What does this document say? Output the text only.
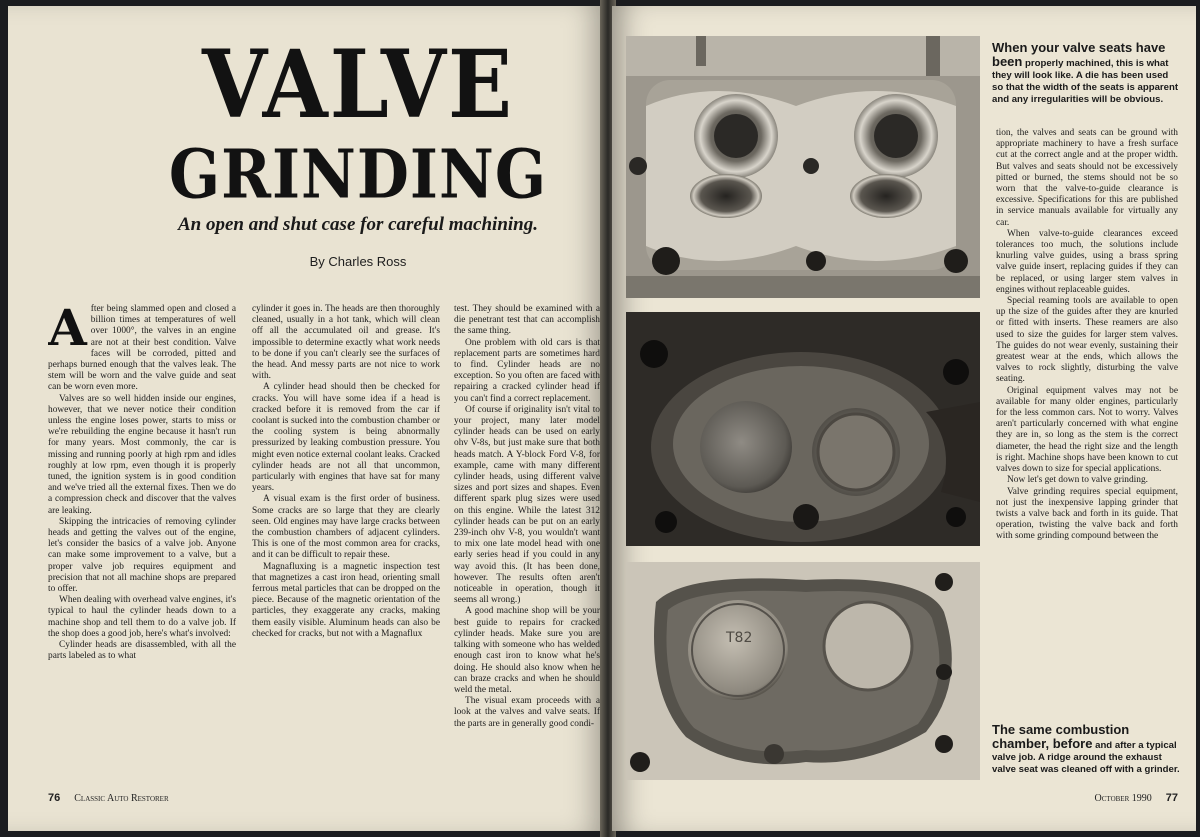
VALVE
GRINDING
An open and shut case for careful machining.
By Charles Ross

After being slammed open and closed a billion times at temperatures of well over 1000°, the valves in an engine are not at their best condition. Valve faces will be corroded, pitted and perhaps burned enough that the valves leak. The stem will be worn and the valve guide and seat can be worn even more.

Valves are so well hidden inside our engines, however, that we never notice their condition unless the engine loses power, starts to miss or we're rebuilding the engine because it hasn't run for many years. Most commonly, the car is missing and running poorly at high rpm and idles roughly at low rpm, even though it is properly tuned, the ignition system is in good condition and we've tried all the external fixes. Then we do a compression check and discover that the valves are leaking.

Skipping the intricacies of removing cylinder heads and getting the valves out of the engine, let's consider the basics of a valve job. Anyone can make some improvement to a valve, but a proper valve job requires equipment and precision that not all machine shops are prepared to offer.

When dealing with overhead valve engines, it's typical to haul the cylinder heads down to a machine shop and tell them to do a valve job. If the shop does a good job, here's what's involved:

Cylinder heads are disassembled, with all the parts labeled as to what

cylinder it goes in. The heads are then thoroughly cleaned, usually in a hot tank, which will clean off all the accumulated oil and grease. It's impossible to determine exactly what work needs to be done if you can't clearly see the surfaces of the head. And messy parts are not nice to work with.

A cylinder head should then be checked for cracks. You will have some idea if a head is cracked before it is removed from the car if coolant is sucked into the combustion chamber or the cooling system is being abnormally pressurized by leaking combustion pressure. You might even notice external coolant leaks. Cracked cylinder heads are not all that uncommon, particularly with engines that have sat for many years.

A visual exam is the first order of business. Some cracks are so large that they are clearly seen. Old engines may have large cracks between the combustion chambers of adjacent cylinders. This is one of the most common area for cracks, and it can be difficult to repair these.

Magnafluxing is a magnetic inspection test that magnetizes a cast iron head, orienting small ferrous metal particles that can be dropped on the piece. Because of the magnetic orientation of the particles, they exaggerate any cracks, making them easily visible. Aluminum heads can also be checked for cracks, but not with a Magnaflux

test. They should be examined with a die penetrant test that can accomplish the same thing.

One problem with old cars is that replacement parts are sometimes hard to find. Cylinder heads are no exception. So you often are faced with repairing a cracked cylinder head if you can't find a correct replacement.

Of course if originality isn't vital to your project, many later model cylinder heads can be used on early ohv V-8s, but just make sure that both heads match. A Y-block Ford V-8, for example, came with many different cylinder heads, using different valve sizes and port sizes and shapes. Even different spark plug sizes were used on this engine. While the latest 312 cylinder heads can be put on an early 239-inch ohv V-8, you wouldn't want to mix one late model head with one early series head if you could in any way avoid this. (It has been done, however. The results often aren't noticeable in operation, though it seems all wrong.)

A good machine shop will be your best guide to repairs for cracked cylinder heads. Make sure you are talking with someone who has welded enough cast iron to know what he's doing. He should also know when he can braze cracks and when he should weld the metal.

The visual exam proceeds with a look at the valves and valve seats. If the parts are in generally good condi-

76 Classic Auto Restorer
T82
When your valve seats have been properly machined, this is what they will look like. A die has been used so that the width of the seats is apparent and any irregularities will be obvious.

tion, the valves and seats can be ground with appropriate machinery to have a fresh surface cut at the correct angle and at the proper width. But valves and seats should not be excessively pitted or burned, the stems should not be so worn that the valve-to-guide clearance is excessive. Specifications for this are published in service manuals available for virtually any car.

When valve-to-guide clearances exceed tolerances too much, the solutions include knurling valve guides, using a brass spring valve guide insert, replacing guides if they can be replaced, or using larger stem valves in engines without replaceable guides.

Special reaming tools are available to open up the size of the guides after they are knurled or fitted with inserts. These reamers are also used to size the guides for larger stem valves. The guides do not wear evenly, sustaining their greatest wear at the ends, which allows the valves to rock slightly, disturbing the valve seating.

Original equipment valves may not be available for many older engines, particularly for the less common cars. Not to worry. Valves aren't particularly concerned with what engine they are in, so long as the stem is the correct diameter, the head the right size and the length is right. Machine shops have been known to cut valves down to size for special applications.

Now let's get down to valve grinding.

Valve grinding requires special equipment, not just the inexpensive lapping grinder that twists a valve back and forth in its guide. That operation, twisting the valve back and forth with some grinding compound between the

The same combustion chamber, before and after a typical valve job. A ridge around the exhaust valve seat was cleaned off with a grinder.
October 1990 77
